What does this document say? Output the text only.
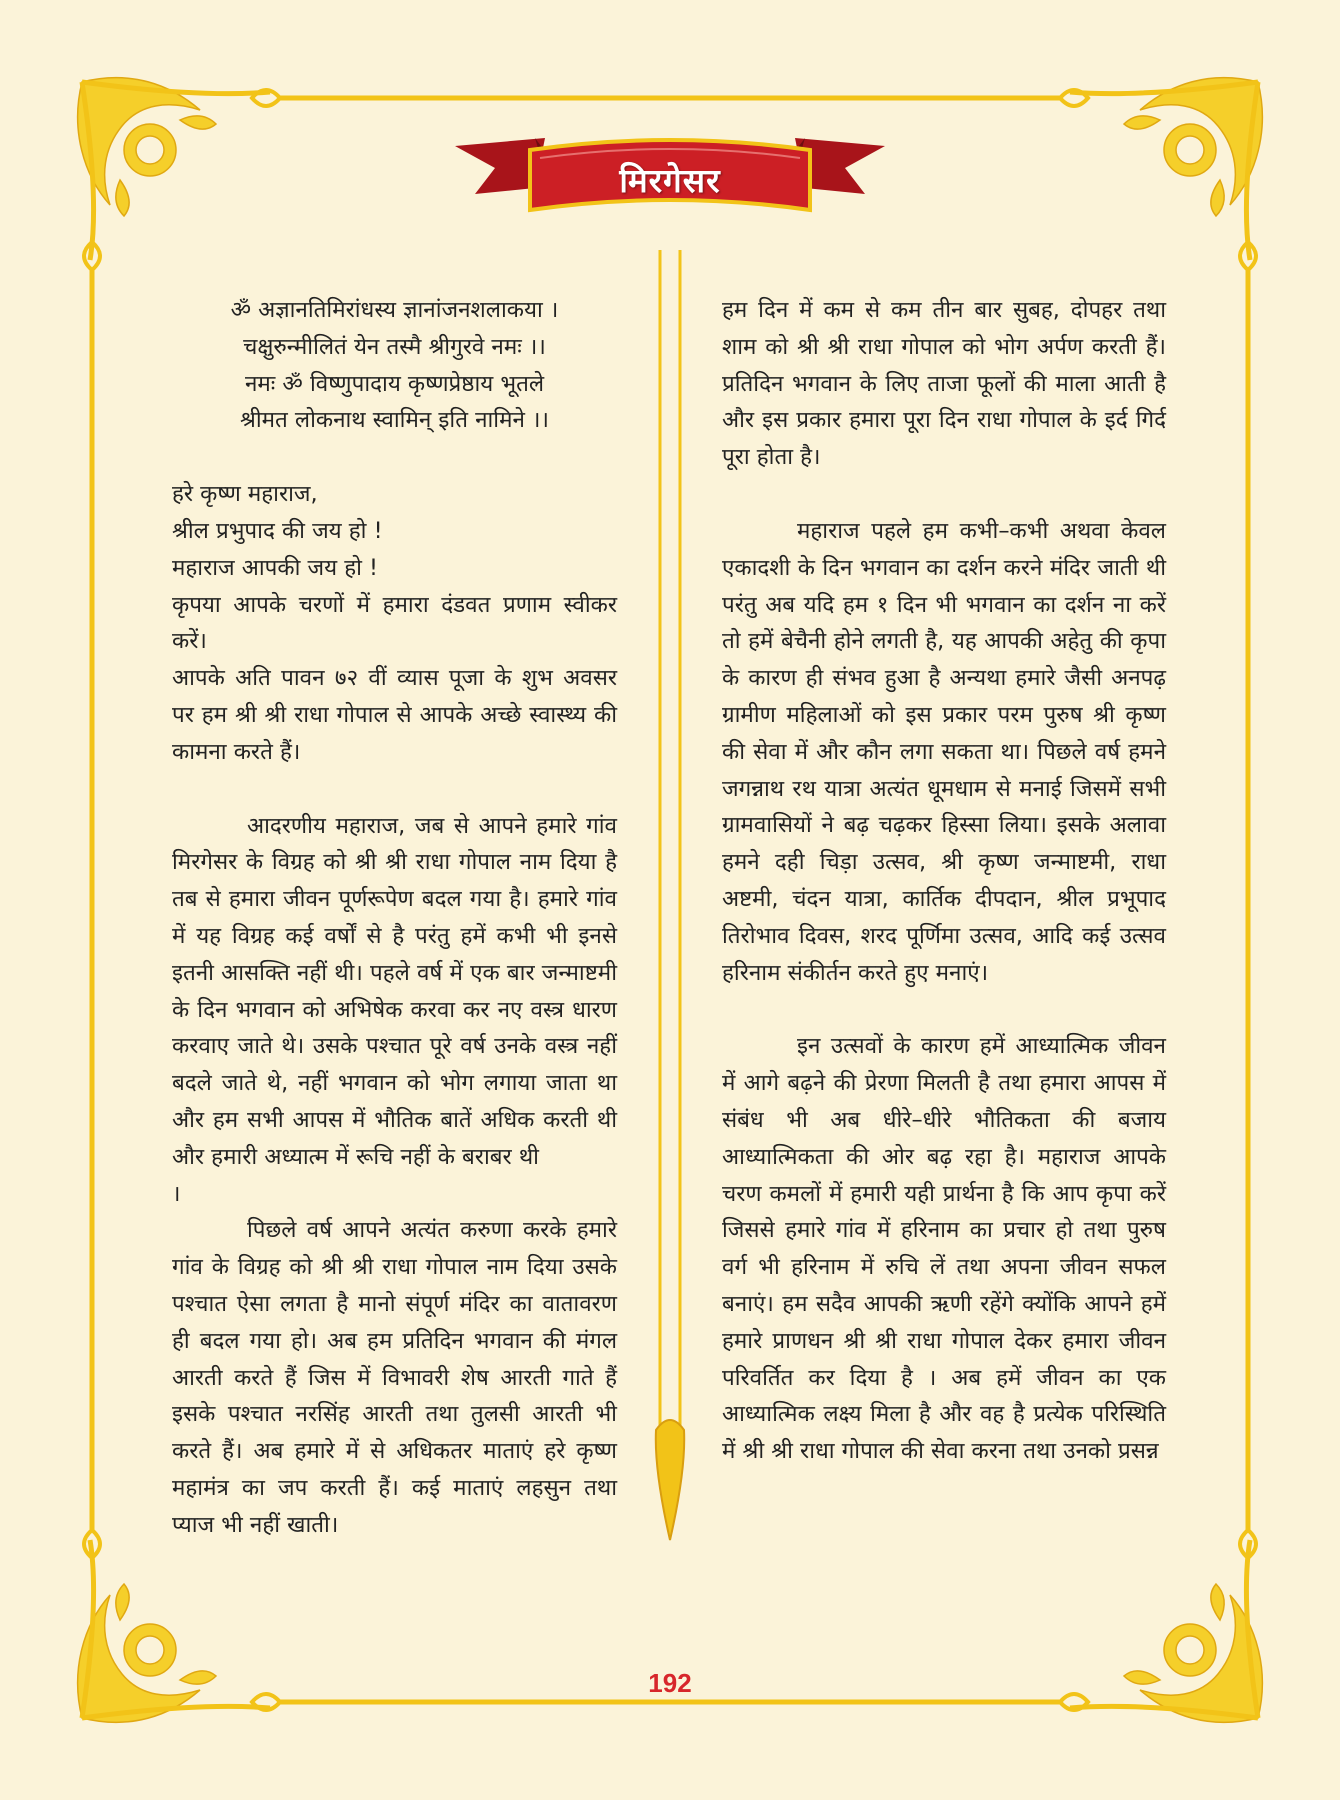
मिरगेसर

ॐ अज्ञानतिमिरांधस्य ज्ञानांजनशलाकया ।

चक्षुरुन्मीलितं येन तस्मै श्रीगुरवे नमः ।।

नमः ॐ विष्णुपादाय कृष्णप्रेष्ठाय भूतले

श्रीमत लोकनाथ स्वामिन् इति नामिने ।।

हरे कृष्ण महाराज,

श्रील प्रभुपाद की जय हो !

महाराज आपकी जय हो !

कृपया आपके चरणों में हमारा दंडवत प्रणाम स्वीकर करें।

आपके अति पावन ७२ वीं व्यास पूजा के शुभ अवसर पर हम श्री श्री राधा गोपाल से आपके अच्छे स्वास्थ्य की कामना करते हैं।

आदरणीय महाराज, जब से आपने हमारे गांव मिरगेसर के विग्रह को श्री श्री राधा गोपाल नाम दिया है तब से हमारा जीवन पूर्णरूपेण बदल गया है। हमारे गांव में यह विग्रह कई वर्षों से है परंतु हमें कभी भी इनसे इतनी आसक्ति नहीं थी। पहले वर्ष में एक बार जन्माष्टमी के दिन भगवान को अभिषेक करवा कर नए वस्त्र धारण करवाए जाते थे। उसके पश्चात पूरे वर्ष उनके वस्त्र नहीं बदले जाते थे, नहीं भगवान को भोग लगाया जाता था और हम सभी आपस में भौतिक बातें अधिक करती थी और हमारी अध्यात्म में रूचि नहीं के बराबर थी

।

पिछले वर्ष आपने अत्यंत करुणा करके हमारे गांव के विग्रह को श्री श्री राधा गोपाल नाम दिया उसके पश्चात ऐसा लगता है मानो संपूर्ण मंदिर का वातावरण ही बदल गया हो। अब हम प्रतिदिन भगवान की मंगल आरती करते हैं जिस में विभावरी शेष आरती गाते हैं इसके पश्चात नरसिंह आरती तथा तुलसी आरती भी करते हैं। अब हमारे में से अधिकतर माताएं हरे कृष्ण महामंत्र का जप करती हैं। कई माताएं लहसुन तथा प्याज भी नहीं खाती।

हम दिन में कम से कम तीन बार सुबह, दोपहर तथा शाम को श्री श्री राधा गोपाल को भोग अर्पण करती हैं। प्रतिदिन भगवान के लिए ताजा फूलों की माला आती है और इस प्रकार हमारा पूरा दिन राधा गोपाल के इर्द गिर्द पूरा होता है।

महाराज पहले हम कभी–कभी अथवा केवल एकादशी के दिन भगवान का दर्शन करने मंदिर जाती थी परंतु अब यदि हम १ दिन भी भगवान का दर्शन ना करें तो हमें बेचैनी होने लगती है, यह आपकी अहेतु की कृपा के कारण ही संभव हुआ है अन्यथा हमारे जैसी अनपढ़ ग्रामीण महिलाओं को इस प्रकार परम पुरुष श्री कृष्ण की सेवा में और कौन लगा सकता था। पिछले वर्ष हमने जगन्नाथ रथ यात्रा अत्यंत धूमधाम से मनाई जिसमें सभी ग्रामवासियों ने बढ़ चढ़कर हिस्सा लिया। इसके अलावा हमने दही चिड़ा उत्सव, श्री कृष्ण जन्माष्टमी, राधा अष्टमी, चंदन यात्रा, कार्तिक दीपदान, श्रील प्रभूपाद तिरोभाव दिवस, शरद पूर्णिमा उत्सव, आदि कई उत्सव हरिनाम संकीर्तन करते हुए मनाएं।

इन उत्सवों के कारण हमें आध्यात्मिक जीवन में आगे बढ़ने की प्रेरणा मिलती है तथा हमारा आपस में संबंध भी अब धीरे–धीरे भौतिकता की बजाय आध्यात्मिकता की ओर बढ़ रहा है। महाराज आपके चरण कमलों में हमारी यही प्रार्थना है कि आप कृपा करें जिससे हमारे गांव में हरिनाम का प्रचार हो तथा पुरुष वर्ग भी हरिनाम में रुचि लें तथा अपना जीवन सफल बनाएं। हम सदैव आपकी ऋणी रहेंगे क्योंकि आपने हमें हमारे प्राणधन श्री श्री राधा गोपाल देकर हमारा जीवन परिवर्तित कर दिया है । अब हमें जीवन का एक आध्यात्मिक लक्ष्य मिला है और वह है प्रत्येक परिस्थिति में श्री श्री राधा गोपाल की सेवा करना तथा उनको प्रसन्न

192
